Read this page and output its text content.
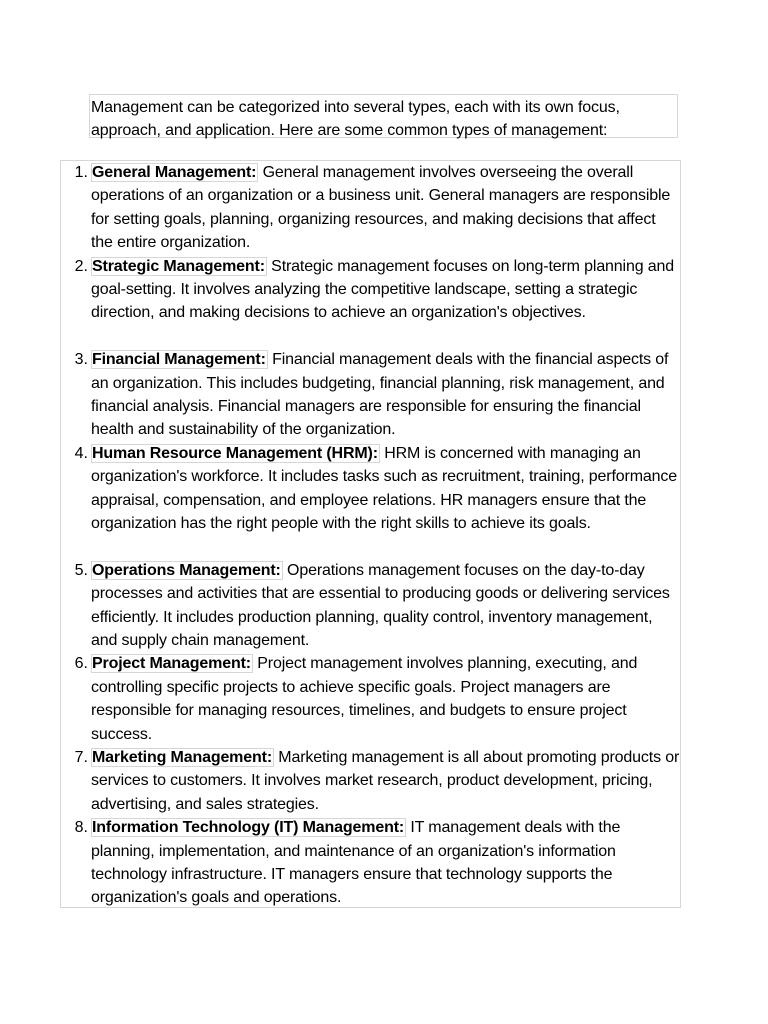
Management can be categorized into several types, each with its own focus, approach, and application. Here are some common types of management:
1. General Management: General management involves overseeing the overall operations of an organization or a business unit. General managers are responsible for setting goals, planning, organizing resources, and making decisions that affect the entire organization.
2. Strategic Management: Strategic management focuses on long-term planning and goal-setting. It involves analyzing the competitive landscape, setting a strategic direction, and making decisions to achieve an organization's objectives.
3. Financial Management: Financial management deals with the financial aspects of an organization. This includes budgeting, financial planning, risk management, and financial analysis. Financial managers are responsible for ensuring the financial health and sustainability of the organization.
4. Human Resource Management (HRM): HRM is concerned with managing an organization's workforce. It includes tasks such as recruitment, training, performance appraisal, compensation, and employee relations. HR managers ensure that the organization has the right people with the right skills to achieve its goals.
5. Operations Management: Operations management focuses on the day-to-day processes and activities that are essential to producing goods or delivering services efficiently. It includes production planning, quality control, inventory management, and supply chain management.
6. Project Management: Project management involves planning, executing, and controlling specific projects to achieve specific goals. Project managers are responsible for managing resources, timelines, and budgets to ensure project success.
7. Marketing Management: Marketing management is all about promoting products or services to customers. It involves market research, product development, pricing, advertising, and sales strategies.
8. Information Technology (IT) Management: IT management deals with the planning, implementation, and maintenance of an organization's information technology infrastructure. IT managers ensure that technology supports the organization's goals and operations.
